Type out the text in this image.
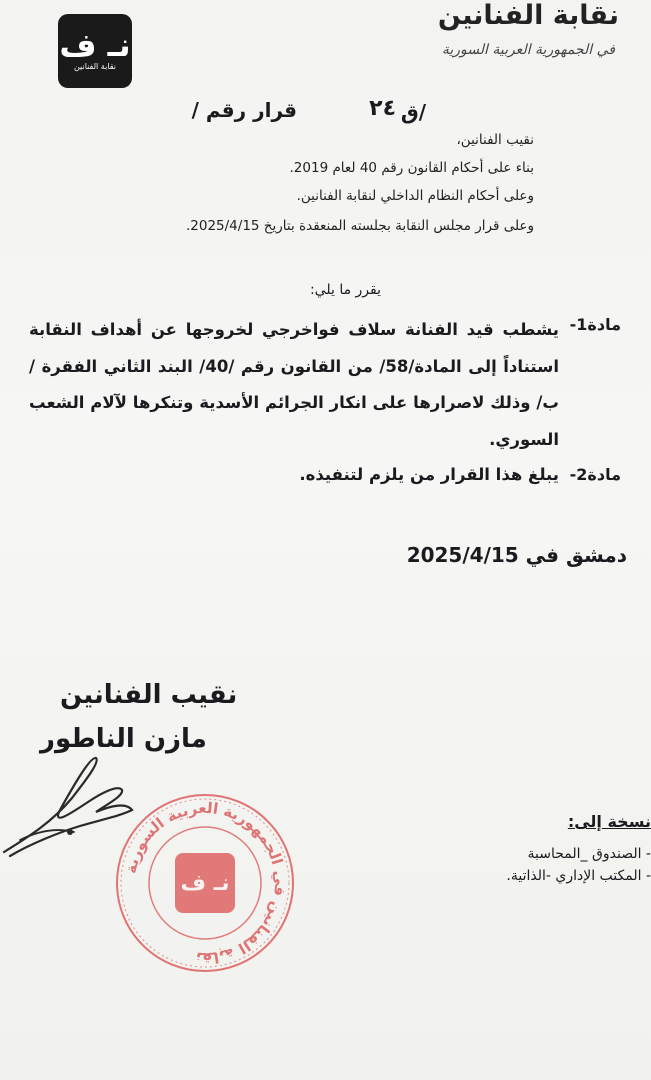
نقابة الفنانين
في الجمهورية العربية السورية
نـ ف
نقابة الفنانين
قرار رقم /	٢٤ /ق
نقيب الفنانين،
بناء على أحكام القانون رقم 40 لعام 2019.
وعلى أحكام النظام الداخلي لنقابة الفنانين.
وعلى قرار مجلس النقابة بجلسته المنعقدة بتاريخ 2025/4/15.
يقرر ما يلي:
مادة1-
يشطب قيد الفنانة سلاف فواخرجي لخروجها عن أهداف النقابة استناداً إلى المادة/58/ من القانون رقم /40/ البند الثاني الفقرة /ب/ وذلك لاصرارها على انكار الجرائم الأسدية وتنكرها لآلام الشعب السوري.
مادة2-
يبلغ هذا القرار من يلزم لتنفيذه.
دمشق في 2025/4/15
نقيب الفنانين
مازن الناطور
نقابة الفنانين في الجمهورية العربية السورية
نـ ف
نسخة إلى:
- الصندوق _المحاسبة
- المكتب الإداري -الذاتية.
